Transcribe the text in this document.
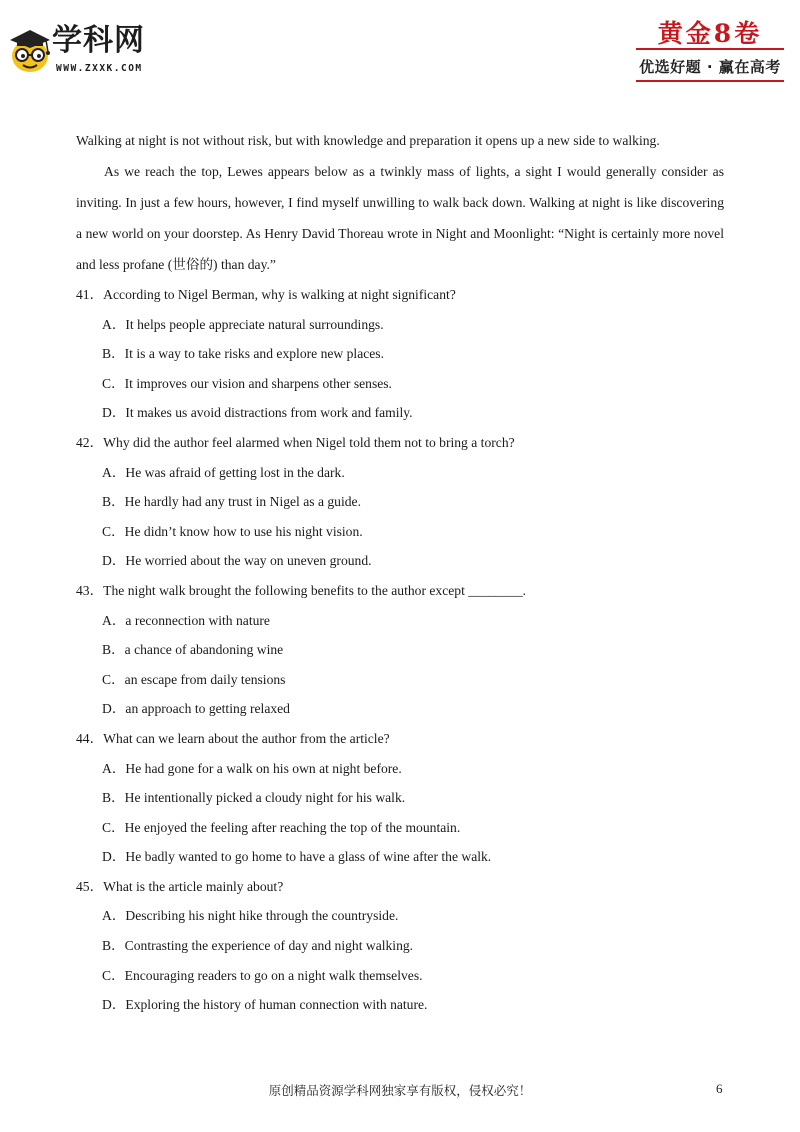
学科网
WWW.ZXXK.COM
黄金8卷
优选好题 · 赢在高考

Walking at night is not without risk, but with knowledge and preparation it opens up a new side to walking.

As we reach the top, Lewes appears below as a twinkly mass of lights, a sight I would generally consider as inviting. In just a few hours, however, I find myself unwilling to walk back down. Walking at night is like discovering a new world on your doorstep. As Henry David Thoreau wrote in Night and Moonlight: “Night is certainly more novel and less profane (世俗的) than day.”

41．According to Nigel Berman, why is walking at night significant?

A．It helps people appreciate natural surroundings.

B．It is a way to take risks and explore new places.

C．It improves our vision and sharpens other senses.

D．It makes us avoid distractions from work and family.

42．Why did the author feel alarmed when Nigel told them not to bring a torch?

A．He was afraid of getting lost in the dark.

B．He hardly had any trust in Nigel as a guide.

C．He didn’t know how to use his night vision.

D．He worried about the way on uneven ground.

43．The night walk brought the following benefits to the author except ________.

A．a reconnection with nature

B．a chance of abandoning wine

C．an escape from daily tensions

D．an approach to getting relaxed

44．What can we learn about the author from the article?

A．He had gone for a walk on his own at night before.

B．He intentionally picked a cloudy night for his walk.

C．He enjoyed the feeling after reaching the top of the mountain.

D．He badly wanted to go home to have a glass of wine after the walk.

45．What is the article mainly about?

A．Describing his night hike through the countryside.

B．Contrasting the experience of day and night walking.

C．Encouraging readers to go on a night walk themselves.

D．Exploring the history of human connection with nature.

原创精品资源学科网独家享有版权，侵权必究！	6
